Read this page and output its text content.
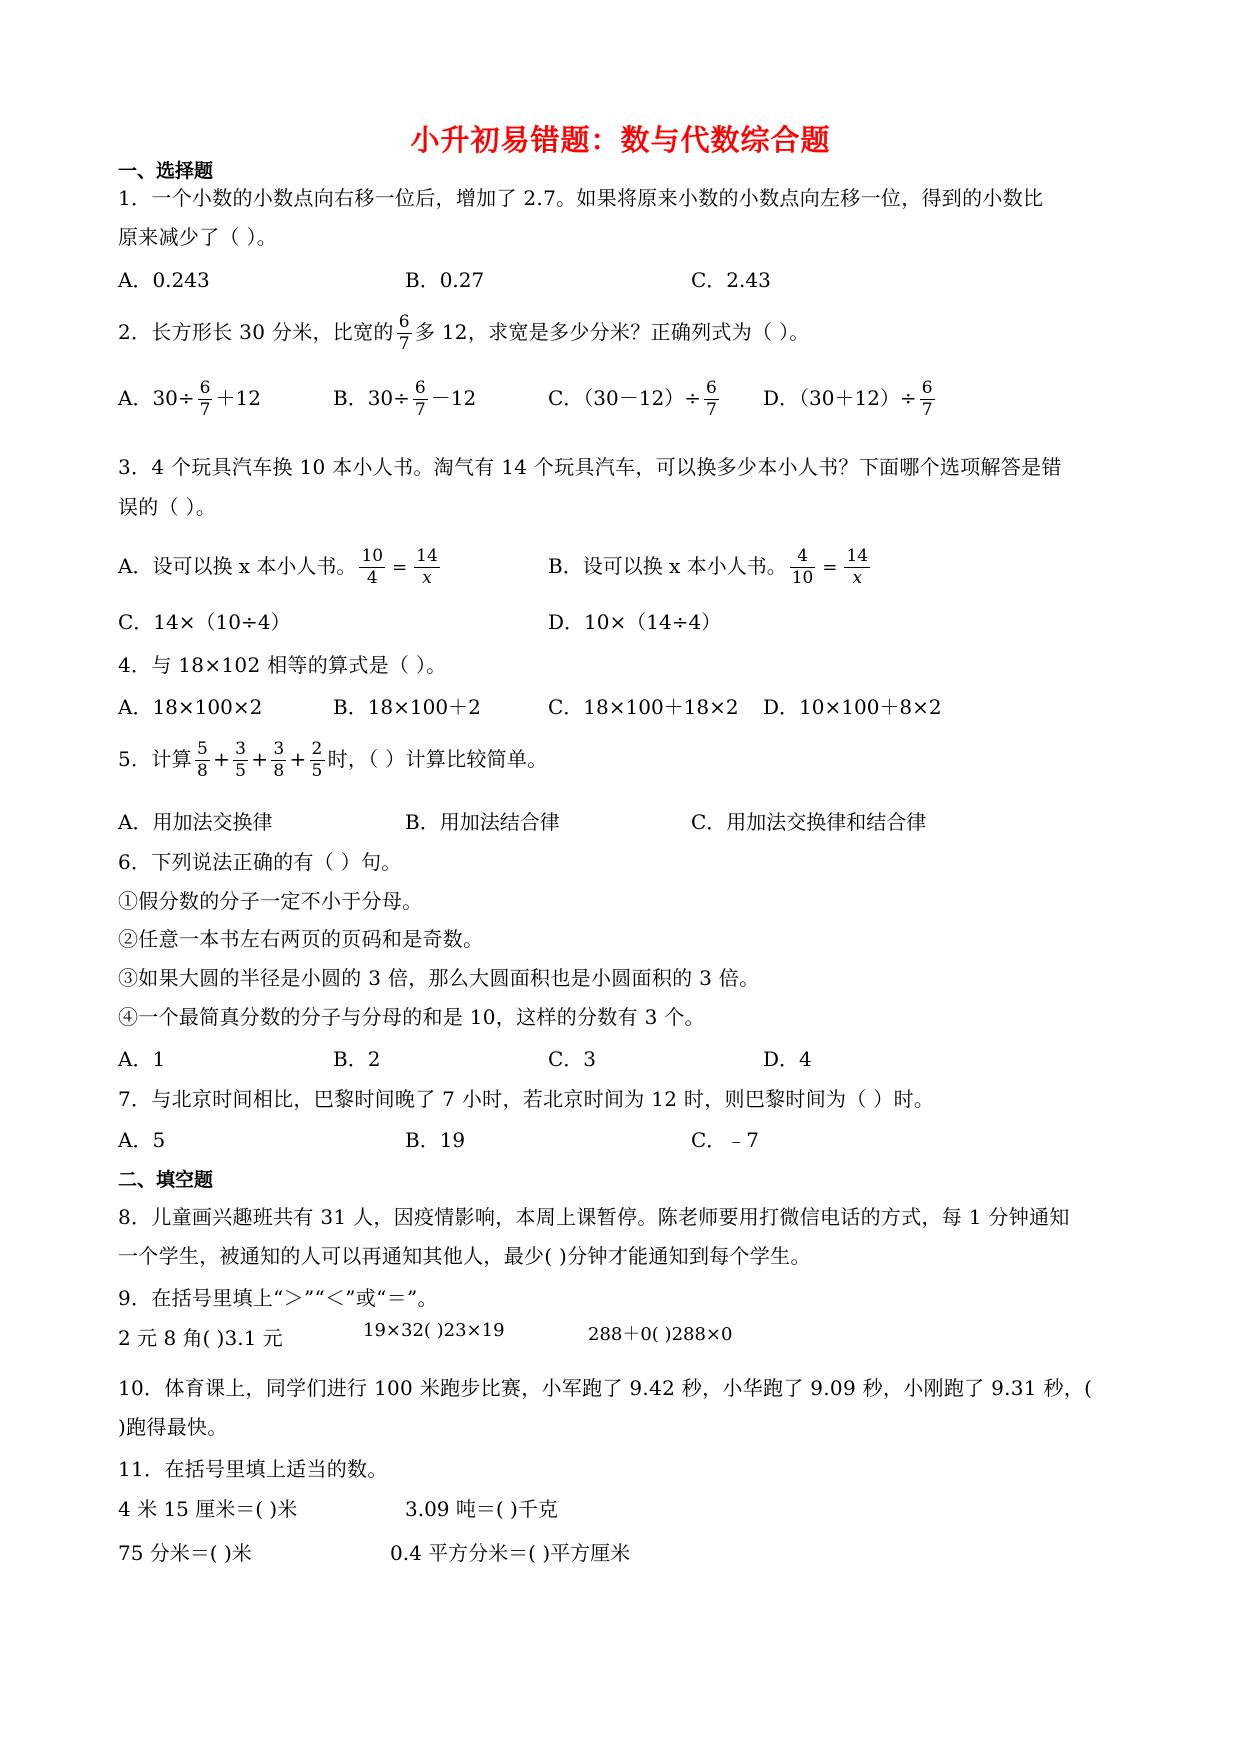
小升初易错题：数与代数综合题
一、选择题
1．一个小数的小数点向右移一位后，增加了 2.7。如果将原来小数的小数点向左移一位，得到的小数比
原来减少了（ ）。
A．0.243	B．0.27	C．2.43
2．长方形长 30 分米，比宽的 $\frac{6}{7}$ 多 12，求宽是多少分米？正确列式为（ ）。
A．$30\div \frac{6}{7} +12$	B．$30\div \frac{6}{7} -12$	C．$(30-12)\div \frac{6}{7}$ D．$(30+12)\div \frac{6}{7}$
3．4 个玩具汽车换 10 本小人书。淘气有 14 个玩具汽车，可以换多少本小人书？下面哪个选项解答是错
误的（ ）。
A．设可以换 x 本小人书。 $\frac{10}{4} = \frac{14}{x}$	B．设可以换 x 本小人书。 $\frac{4}{10} = \frac{14}{x}$
C．14×（10÷4）	D．10×（14÷4）
4．与 18×102 相等的算式是（ ）。
A．18×100×2	B．18×100＋2	C．18×100＋18×2 D．10×100＋8×2
5．计算 $\frac{5}{8} + \frac{3}{5} + \frac{3}{8} + \frac{2}{5}$ 时，（ ）计算比较简单。
A．用加法交换律	B．用加法结合律	C．用加法交换律和结合律
6．下列说法正确的有（ ）句。
①假分数的分子一定不小于分母。
②任意一本书左右两页的页码和是奇数。
③如果大圆的半径是小圆的 3 倍，那么大圆面积也是小圆面积的 3 倍。
④一个最简真分数的分子与分母的和是 10，这样的分数有 3 个。
A．1	B．2	C．3	D．4
7．与北京时间相比，巴黎时间晚了 7 小时，若北京时间为 12 时，则巴黎时间为（ ）时。
A．5	B．19	C．﹣7
二、填空题
8．儿童画兴趣班共有 31 人，因疫情影响，本周上课暂停。陈老师要用打微信电话的方式，每 1 分钟通知
一个学生，被通知的人可以再通知其他人，最少( )分钟才能通知到每个学生。
9．在括号里填上“＞”“＜”或“＝”。
2 元 8 角( )3.1 元	19×32( )23×19	288＋0( )288×0
10．体育课上，同学们进行 100 米跑步比赛，小军跑了 9.42 秒，小华跑了 9.09 秒，小刚跑了 9.31 秒，(
)跑得最快。
11．在括号里填上适当的数。
4 米 15 厘米＝( )米	3.09 吨＝( )千克
75 分米＝( )米	0.4 平方分米＝( )平方厘米
